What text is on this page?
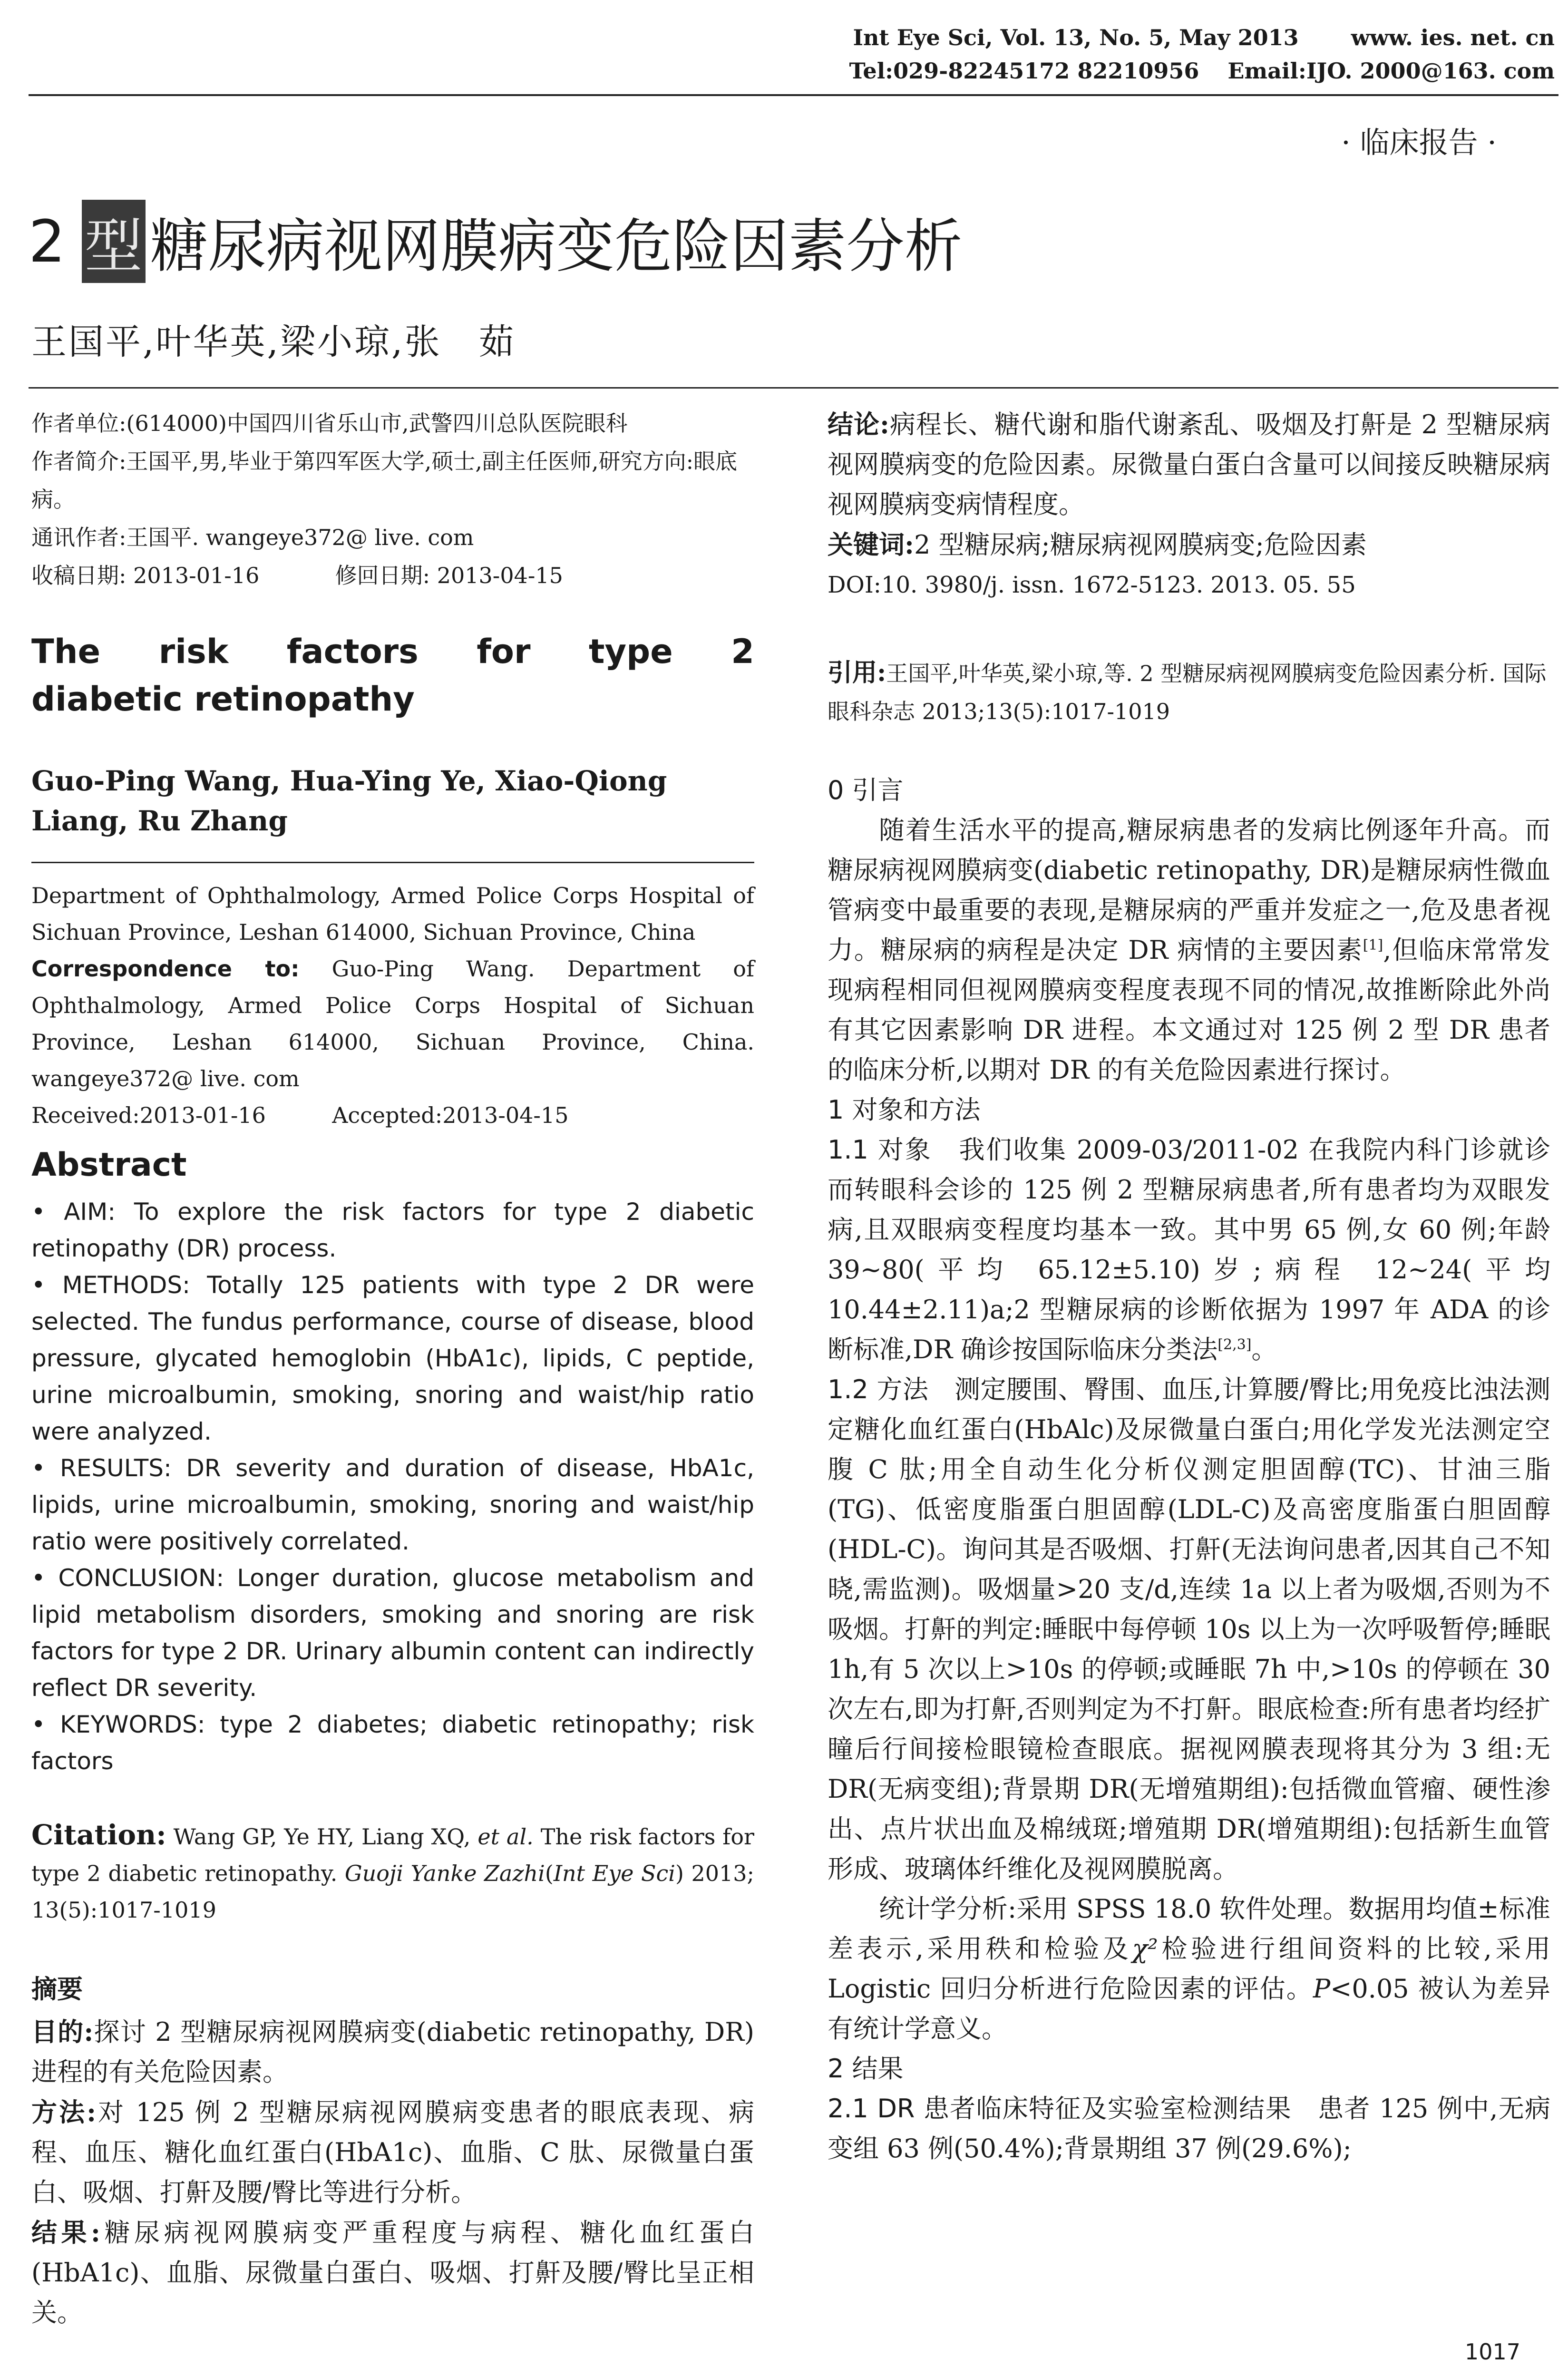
Int Eye Sci, Vol. 13, No. 5, May 2013 www. ies. net. cn
Tel:029-82245172 82210956 Email:IJO. 2000@163. com
· 临床报告 ·
2 型 糖尿病视网膜病变危险因素分析
王国平,叶华英,梁小琼,张　茹

作者单位:(614000)中国四川省乐山市,武警四川总队医院眼科

作者简介:王国平,男,毕业于第四军医大学,硕士,副主任医师,研究方向:眼底病。

通讯作者:王国平. wangeye372@ live. com

收稿日期: 2013-01-16	修回日期: 2013-04-15

The risk factors for type 2
diabetic retinopathy
Guo-Ping Wang, Hua-Ying Ye, Xiao-Qiong Liang, Ru Zhang

Department of Ophthalmology, Armed Police Corps Hospital of Sichuan Province, Leshan 614000, Sichuan Province, China

Correspondence to: Guo-Ping Wang. Department of Ophthalmology, Armed Police Corps Hospital of Sichuan Province, Leshan 614000, Sichuan Province, China. wangeye372@ live. com

Received:2013-01-16	Accepted:2013-04-15

Abstract

• AIM: To explore the risk factors for type 2 diabetic retinopathy (DR) process.

• METHODS: Totally 125 patients with type 2 DR were selected. The fundus performance, course of disease, blood pressure, glycated hemoglobin (HbA1c), lipids, C peptide, urine microalbumin, smoking, snoring and waist/hip ratio were analyzed.

• RESULTS: DR severity and duration of disease, HbA1c, lipids, urine microalbumin, smoking, snoring and waist/hip ratio were positively correlated.

• CONCLUSION: Longer duration, glucose metabolism and lipid metabolism disorders, smoking and snoring are risk factors for type 2 DR. Urinary albumin content can indirectly reflect DR severity.

• KEYWORDS: type 2 diabetes; diabetic retinopathy; risk factors

Citation: Wang GP, Ye HY, Liang XQ, et al. The risk factors for type 2 diabetic retinopathy. Guoji Yanke Zazhi(Int Eye Sci) 2013; 13(5):1017-1019

摘要

目的:探讨 2 型糖尿病视网膜病变(diabetic retinopathy, DR)进程的有关危险因素。

方法:对 125 例 2 型糖尿病视网膜病变患者的眼底表现、病程、血压、糖化血红蛋白(HbA1c)、血脂、C 肽、尿微量白蛋白、吸烟、打鼾及腰/臀比等进行分析。

结果:糖尿病视网膜病变严重程度与病程、糖化血红蛋白(HbA1c)、血脂、尿微量白蛋白、吸烟、打鼾及腰/臀比呈正相关。

结论:病程长、糖代谢和脂代谢紊乱、吸烟及打鼾是 2 型糖尿病视网膜病变的危险因素。尿微量白蛋白含量可以间接反映糖尿病视网膜病变病情程度。

关键词:2 型糖尿病;糖尿病视网膜病变;危险因素

DOI:10. 3980/j. issn. 1672-5123. 2013. 05. 55

引用:王国平,叶华英,梁小琼,等. 2 型糖尿病视网膜病变危险因素分析. 国际眼科杂志 2013;13(5):1017-1019

0 引言

随着生活水平的提高,糖尿病患者的发病比例逐年升高。而糖尿病视网膜病变(diabetic retinopathy, DR)是糖尿病性微血管病变中最重要的表现,是糖尿病的严重并发症之一,危及患者视力。糖尿病的病程是决定 DR 病情的主要因素[1],但临床常常发现病程相同但视网膜病变程度表现不同的情况,故推断除此外尚有其它因素影响 DR 进程。本文通过对 125 例 2 型 DR 患者的临床分析,以期对 DR 的有关危险因素进行探讨。

1 对象和方法

1.1 对象 我们收集 2009-03/2011-02 在我院内科门诊就诊而转眼科会诊的 125 例 2 型糖尿病患者,所有患者均为双眼发病,且双眼病变程度均基本一致。其中男 65 例,女 60 例;年龄 39~80(平均 65.12±5.10)岁;病程 12~24(平均 10.44±2.11)a;2 型糖尿病的诊断依据为 1997 年 ADA 的诊断标准,DR 确诊按国际临床分类法[2,3]。

1.2 方法 测定腰围、臀围、血压,计算腰/臀比;用免疫比浊法测定糖化血红蛋白(HbAlc)及尿微量白蛋白;用化学发光法测定空腹 C 肽;用全自动生化分析仪测定胆固醇(TC)、甘油三脂(TG)、低密度脂蛋白胆固醇(LDL-C)及高密度脂蛋白胆固醇(HDL-C)。询问其是否吸烟、打鼾(无法询问患者,因其自己不知晓,需监测)。吸烟量>20 支/d,连续 1a 以上者为吸烟,否则为不吸烟。打鼾的判定:睡眠中每停顿 10s 以上为一次呼吸暂停;睡眠 1h,有 5 次以上>10s 的停顿;或睡眠 7h 中,>10s 的停顿在 30 次左右,即为打鼾,否则判定为不打鼾。眼底检查:所有患者均经扩瞳后行间接检眼镜检查眼底。据视网膜表现将其分为 3 组:无 DR(无病变组);背景期 DR(无增殖期组):包括微血管瘤、硬性渗出、点片状出血及棉绒斑;增殖期 DR(增殖期组):包括新生血管形成、玻璃体纤维化及视网膜脱离。

统计学分析:采用 SPSS 18.0 软件处理。数据用均值±标准差表示,采用秩和检验及χ²检验进行组间资料的比较,采用 Logistic 回归分析进行危险因素的评估。P<0.05 被认为差异有统计学意义。

2 结果

2.1 DR 患者临床特征及实验室检测结果 患者 125 例中,无病变组 63 例(50.4%);背景期组 37 例(29.6%);

1017
